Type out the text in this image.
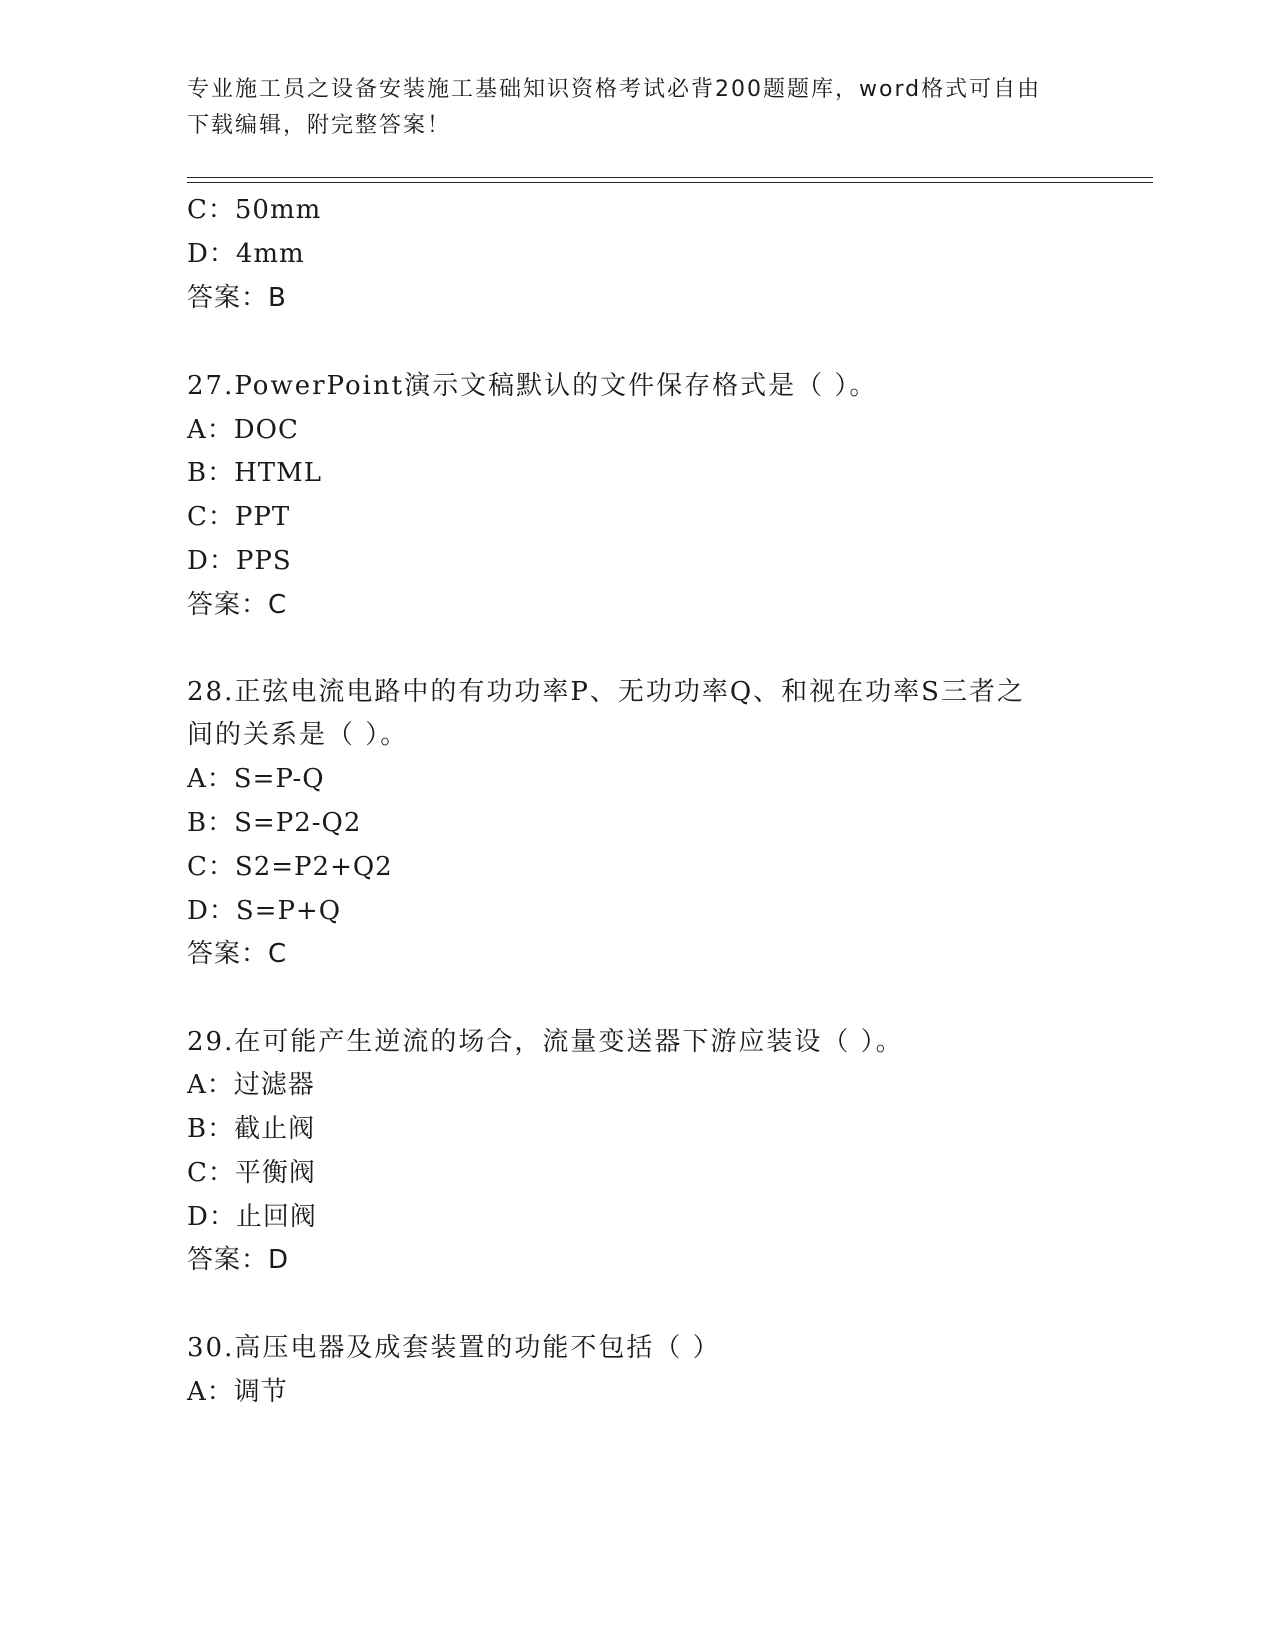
专业施工员之设备安装施工基础知识资格考试必背200题题库，word格式可自由
下载编辑，附完整答案！
C：50mm
D：4mm
答案：B
27.PowerPoint演示文稿默认的文件保存格式是（ ）。
A：DOC
B：HTML
C：PPT
D：PPS
答案：C
28.正弦电流电路中的有功功率P、无功功率Q、和视在功率S三者之
间的关系是（ ）。
A：S=P-Q
B：S=P2-Q2
C：S2=P2+Q2
D：S=P+Q
答案：C
29.在可能产生逆流的场合，流量变送器下游应装设（ ）。
A：过滤器
B：截止阀
C：平衡阀
D：止回阀
答案：D
30.高压电器及成套装置的功能不包括（ ）
A：调节
